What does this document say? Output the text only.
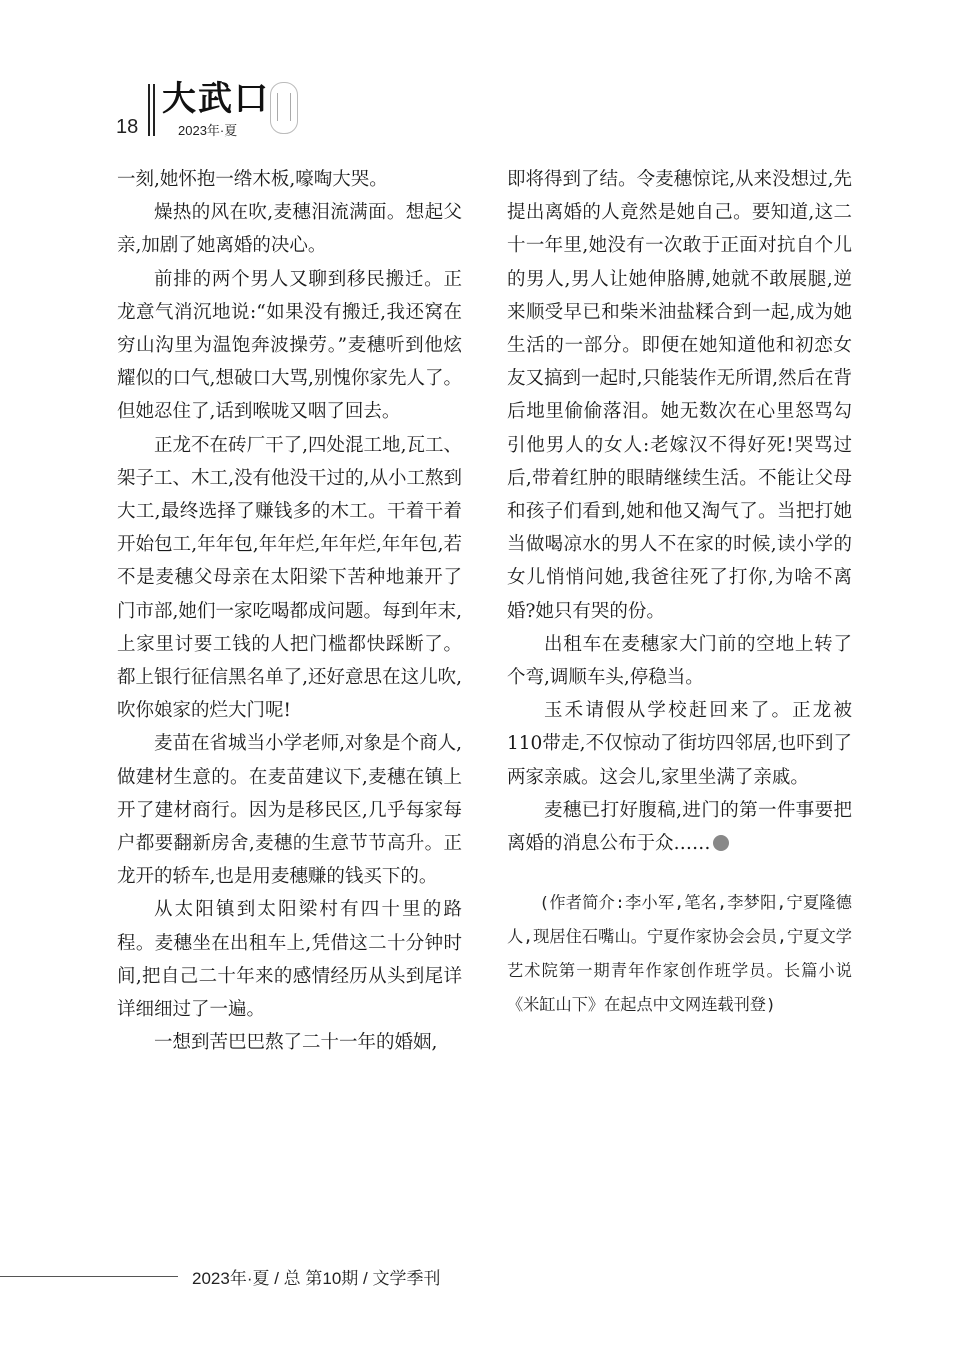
18
大武口
2023年·夏

一刻,她怀抱一绺木板,嚎啕大哭。

燥热的风在吹,麦穗泪流满面。想起父亲,加剧了她离婚的决心。

前排的两个男人又聊到移民搬迁。正龙意气消沉地说:“如果没有搬迁,我还窝在穷山沟里为温饱奔波操劳。”麦穗听到他炫耀似的口气,想破口大骂,别愧你家先人了。但她忍住了,话到喉咙又咽了回去。

正龙不在砖厂干了,四处混工地,瓦工、架子工、木工,没有他没干过的,从小工熬到大工,最终选择了赚钱多的木工。干着干着开始包工,年年包,年年烂,年年烂,年年包,若不是麦穗父母亲在太阳梁下苦种地兼开了门市部,她们一家吃喝都成问题。每到年末,上家里讨要工钱的人把门槛都快踩断了。都上银行征信黑名单了,还好意思在这儿吹,吹你娘家的烂大门呢!

麦苗在省城当小学老师,对象是个商人,做建材生意的。在麦苗建议下,麦穗在镇上开了建材商行。因为是移民区,几乎每家每户都要翻新房舍,麦穗的生意节节高升。正龙开的轿车,也是用麦穗赚的钱买下的。

从太阳镇到太阳梁村有四十里的路程。麦穗坐在出租车上,凭借这二十分钟时间,把自己二十年来的感情经历从头到尾详详细细过了一遍。

一想到苦巴巴熬了二十一年的婚姻,

即将得到了结。令麦穗惊诧,从来没想过,先提出离婚的人竟然是她自己。要知道,这二十一年里,她没有一次敢于正面对抗自个儿的男人,男人让她伸胳膊,她就不敢展腿,逆来顺受早已和柴米油盐糅合到一起,成为她生活的一部分。即便在她知道他和初恋女友又搞到一起时,只能装作无所谓,然后在背后地里偷偷落泪。她无数次在心里怒骂勾引他男人的女人:老嫁汉不得好死!哭骂过后,带着红肿的眼睛继续生活。不能让父母和孩子们看到,她和他又淘气了。当把打她当做喝凉水的男人不在家的时候,读小学的女儿悄悄问她,我爸往死了打你,为啥不离婚?她只有哭的份。

出租车在麦穗家大门前的空地上转了个弯,调顺车头,停稳当。

玉禾请假从学校赶回来了。正龙被110带走,不仅惊动了街坊四邻居,也吓到了两家亲戚。这会儿,家里坐满了亲戚。

麦穗已打好腹稿,进门的第一件事要把离婚的消息公布于众……

(作者简介:李小军,笔名,李梦阳,宁夏隆德人,现居住石嘴山。宁夏作家协会会员,宁夏文学艺术院第一期青年作家创作班学员。长篇小说《米缸山下》在起点中文网连载刊登)

2023年·夏 / 总 第10期 / 文学季刊
